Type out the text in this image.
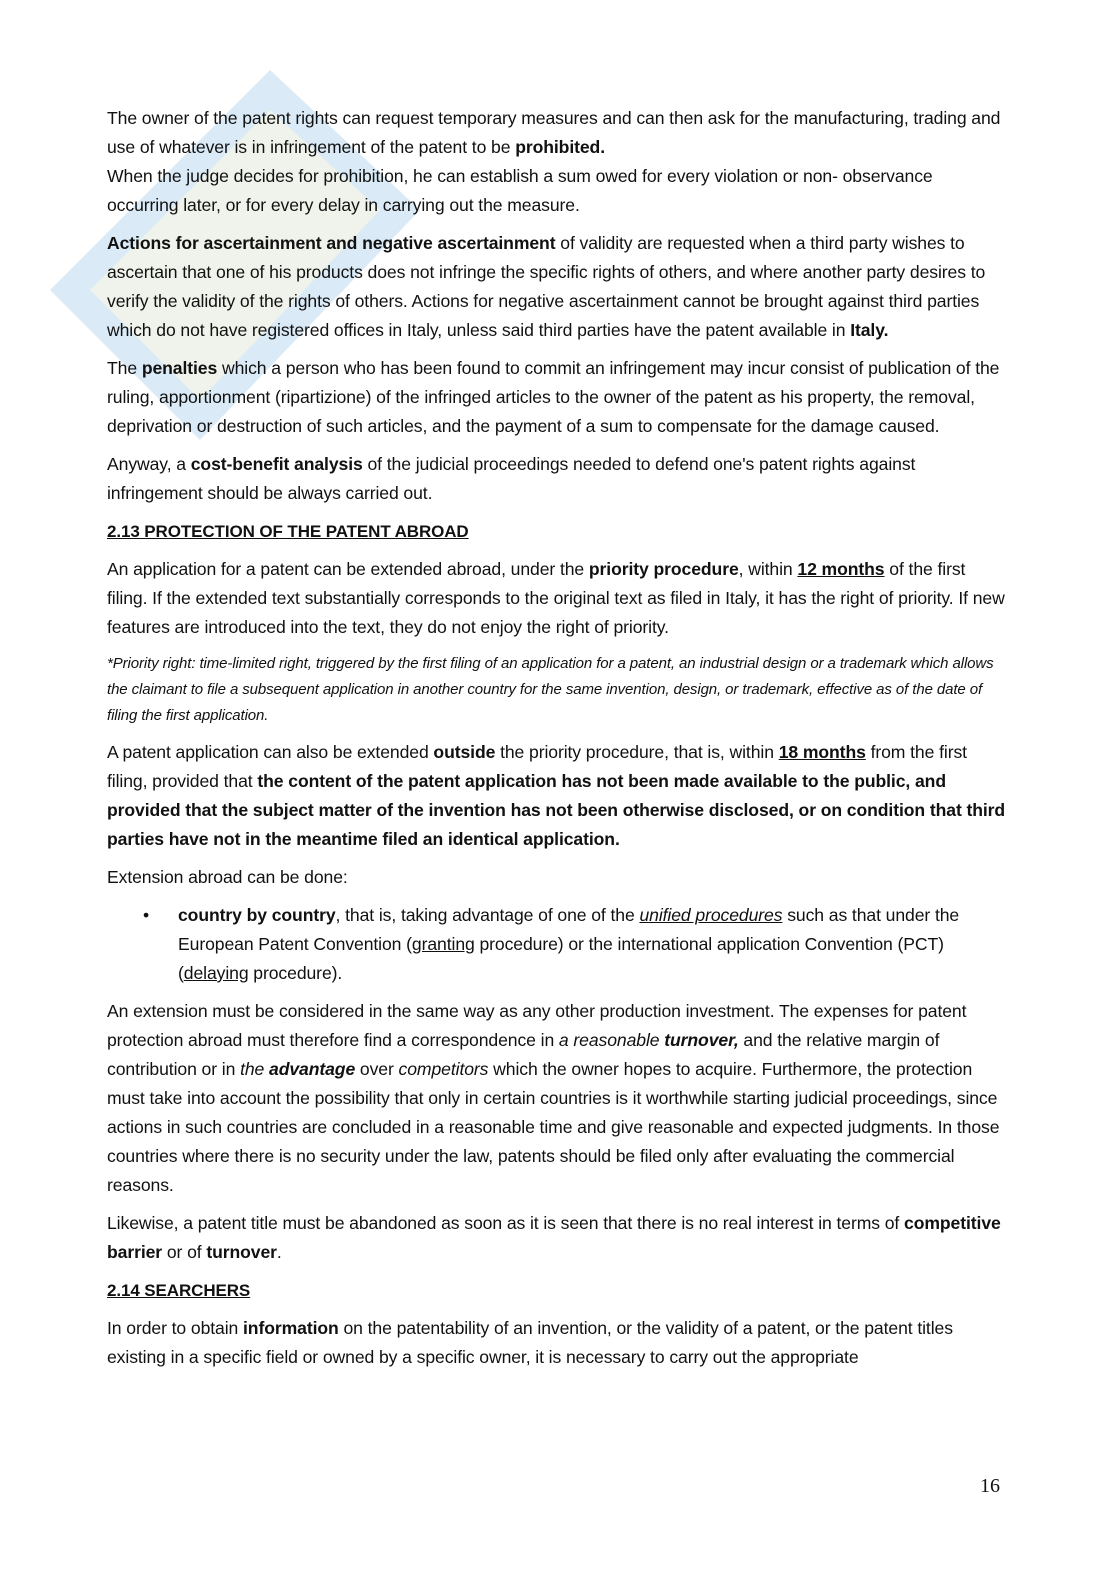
The owner of the patent rights can request temporary measures and can then ask for the manufacturing, trading and use of whatever is in infringement of the patent to be prohibited.
When the judge decides for prohibition, he can establish a sum owed for every violation or non- observance occurring later, or for every delay in carrying out the measure.

Actions for ascertainment and negative ascertainment of validity are requested when a third party wishes to ascertain that one of his products does not infringe the specific rights of others, and where another party desires to verify the validity of the rights of others. Actions for negative ascertainment cannot be brought against third parties which do not have registered offices in Italy, unless said third parties have the patent available in Italy.

The penalties which a person who has been found to commit an infringement may incur consist of publication of the ruling, apportionment (ripartizione) of the infringed articles to the owner of the patent as his property, the removal, deprivation or destruction of such articles, and the payment of a sum to compensate for the damage caused.

Anyway, a cost-benefit analysis of the judicial proceedings needed to defend one's patent rights against infringement should be always carried out.

2.13 PROTECTION OF THE PATENT ABROAD

An application for a patent can be extended abroad, under the priority procedure, within 12 months of the first filing. If the extended text substantially corresponds to the original text as filed in Italy, it has the right of priority. If new features are introduced into the text, they do not enjoy the right of priority.

*Priority right: time-limited right, triggered by the first filing of an application for a patent, an industrial design or a trademark which allows the claimant to file a subsequent application in another country for the same invention, design, or trademark, effective as of the date of filing the first application.

A patent application can also be extended outside the priority procedure, that is, within 18 months from the first filing, provided that the content of the patent application has not been made available to the public, and provided that the subject matter of the invention has not been otherwise disclosed, or on condition that third parties have not in the meantime filed an identical application.

Extension abroad can be done:

• country by country, that is, taking advantage of one of the unified procedures such as that under the European Patent Convention (granting procedure) or the international application Convention (PCT) (delaying procedure).

An extension must be considered in the same way as any other production investment. The expenses for patent protection abroad must therefore find a correspondence in a reasonable turnover, and the relative margin of contribution or in the advantage over competitors which the owner hopes to acquire. Furthermore, the protection must take into account the possibility that only in certain countries is it worthwhile starting judicial proceedings, since actions in such countries are concluded in a reasonable time and give reasonable and expected judgments. In those countries where there is no security under the law, patents should be filed only after evaluating the commercial reasons.

Likewise, a patent title must be abandoned as soon as it is seen that there is no real interest in terms of competitive barrier or of turnover.

2.14 SEARCHERS

In order to obtain information on the patentability of an invention, or the validity of a patent, or the patent titles existing in a specific field or owned by a specific owner, it is necessary to carry out the appropriate

16
